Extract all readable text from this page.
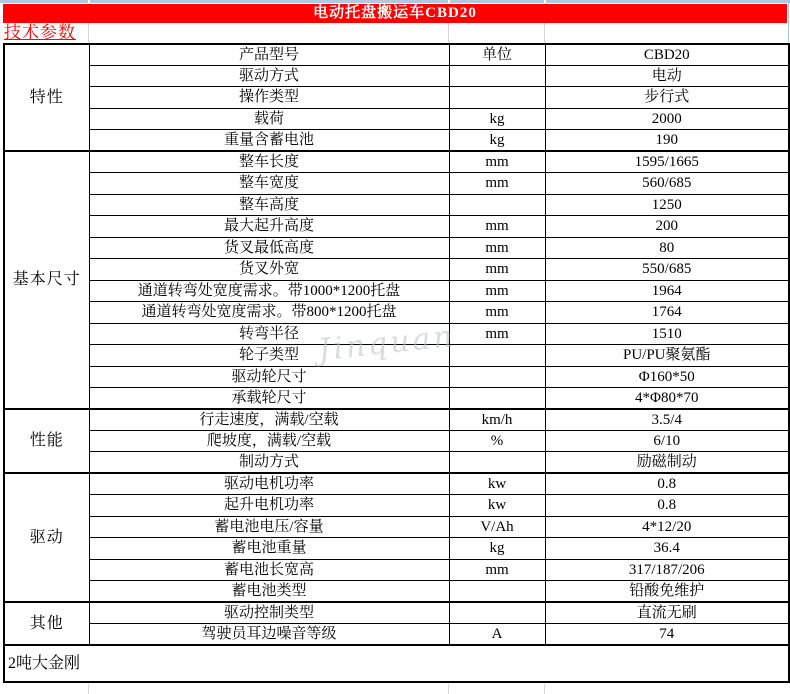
电动托盘搬运车CBD20
技术参数
特性	产品型号	单位	CBD20
	驱动方式		电动
	操作类型		步行式
	载荷	kg	2000
	重量含蓄电池	kg	190
基本尺寸	整车长度	mm	1595/1665
	整车宽度	mm	560/685
	整车高度		1250
	最大起升高度	mm	200
	货叉最低高度	mm	80
	货叉外宽	mm	550/685
	通道转弯处宽度需求。带1000*1200托盘	mm	1964
	通道转弯处宽度需求。带800*1200托盘	mm	1764
	转弯半径	mm	1510
	轮子类型		PU/PU聚氨酯
	驱动轮尺寸		Φ160*50
	承载轮尺寸		4*Φ80*70
性能	行走速度，满载/空载	km/h	3.5/4
	爬坡度，满载/空载	%	6/10
	制动方式		励磁制动
驱动	驱动电机功率	kw	0.8
	起升电机功率	kw	0.8
	蓄电池电压/容量	V/Ah	4*12/20
	蓄电池重量	kg	36.4
	蓄电池长宽高	mm	317/187/206
	蓄电池类型		铅酸免维护
其他	驱动控制类型		直流无刷
	驾驶员耳边噪音等级	A	74
2吨大金刚			
Jinquan
